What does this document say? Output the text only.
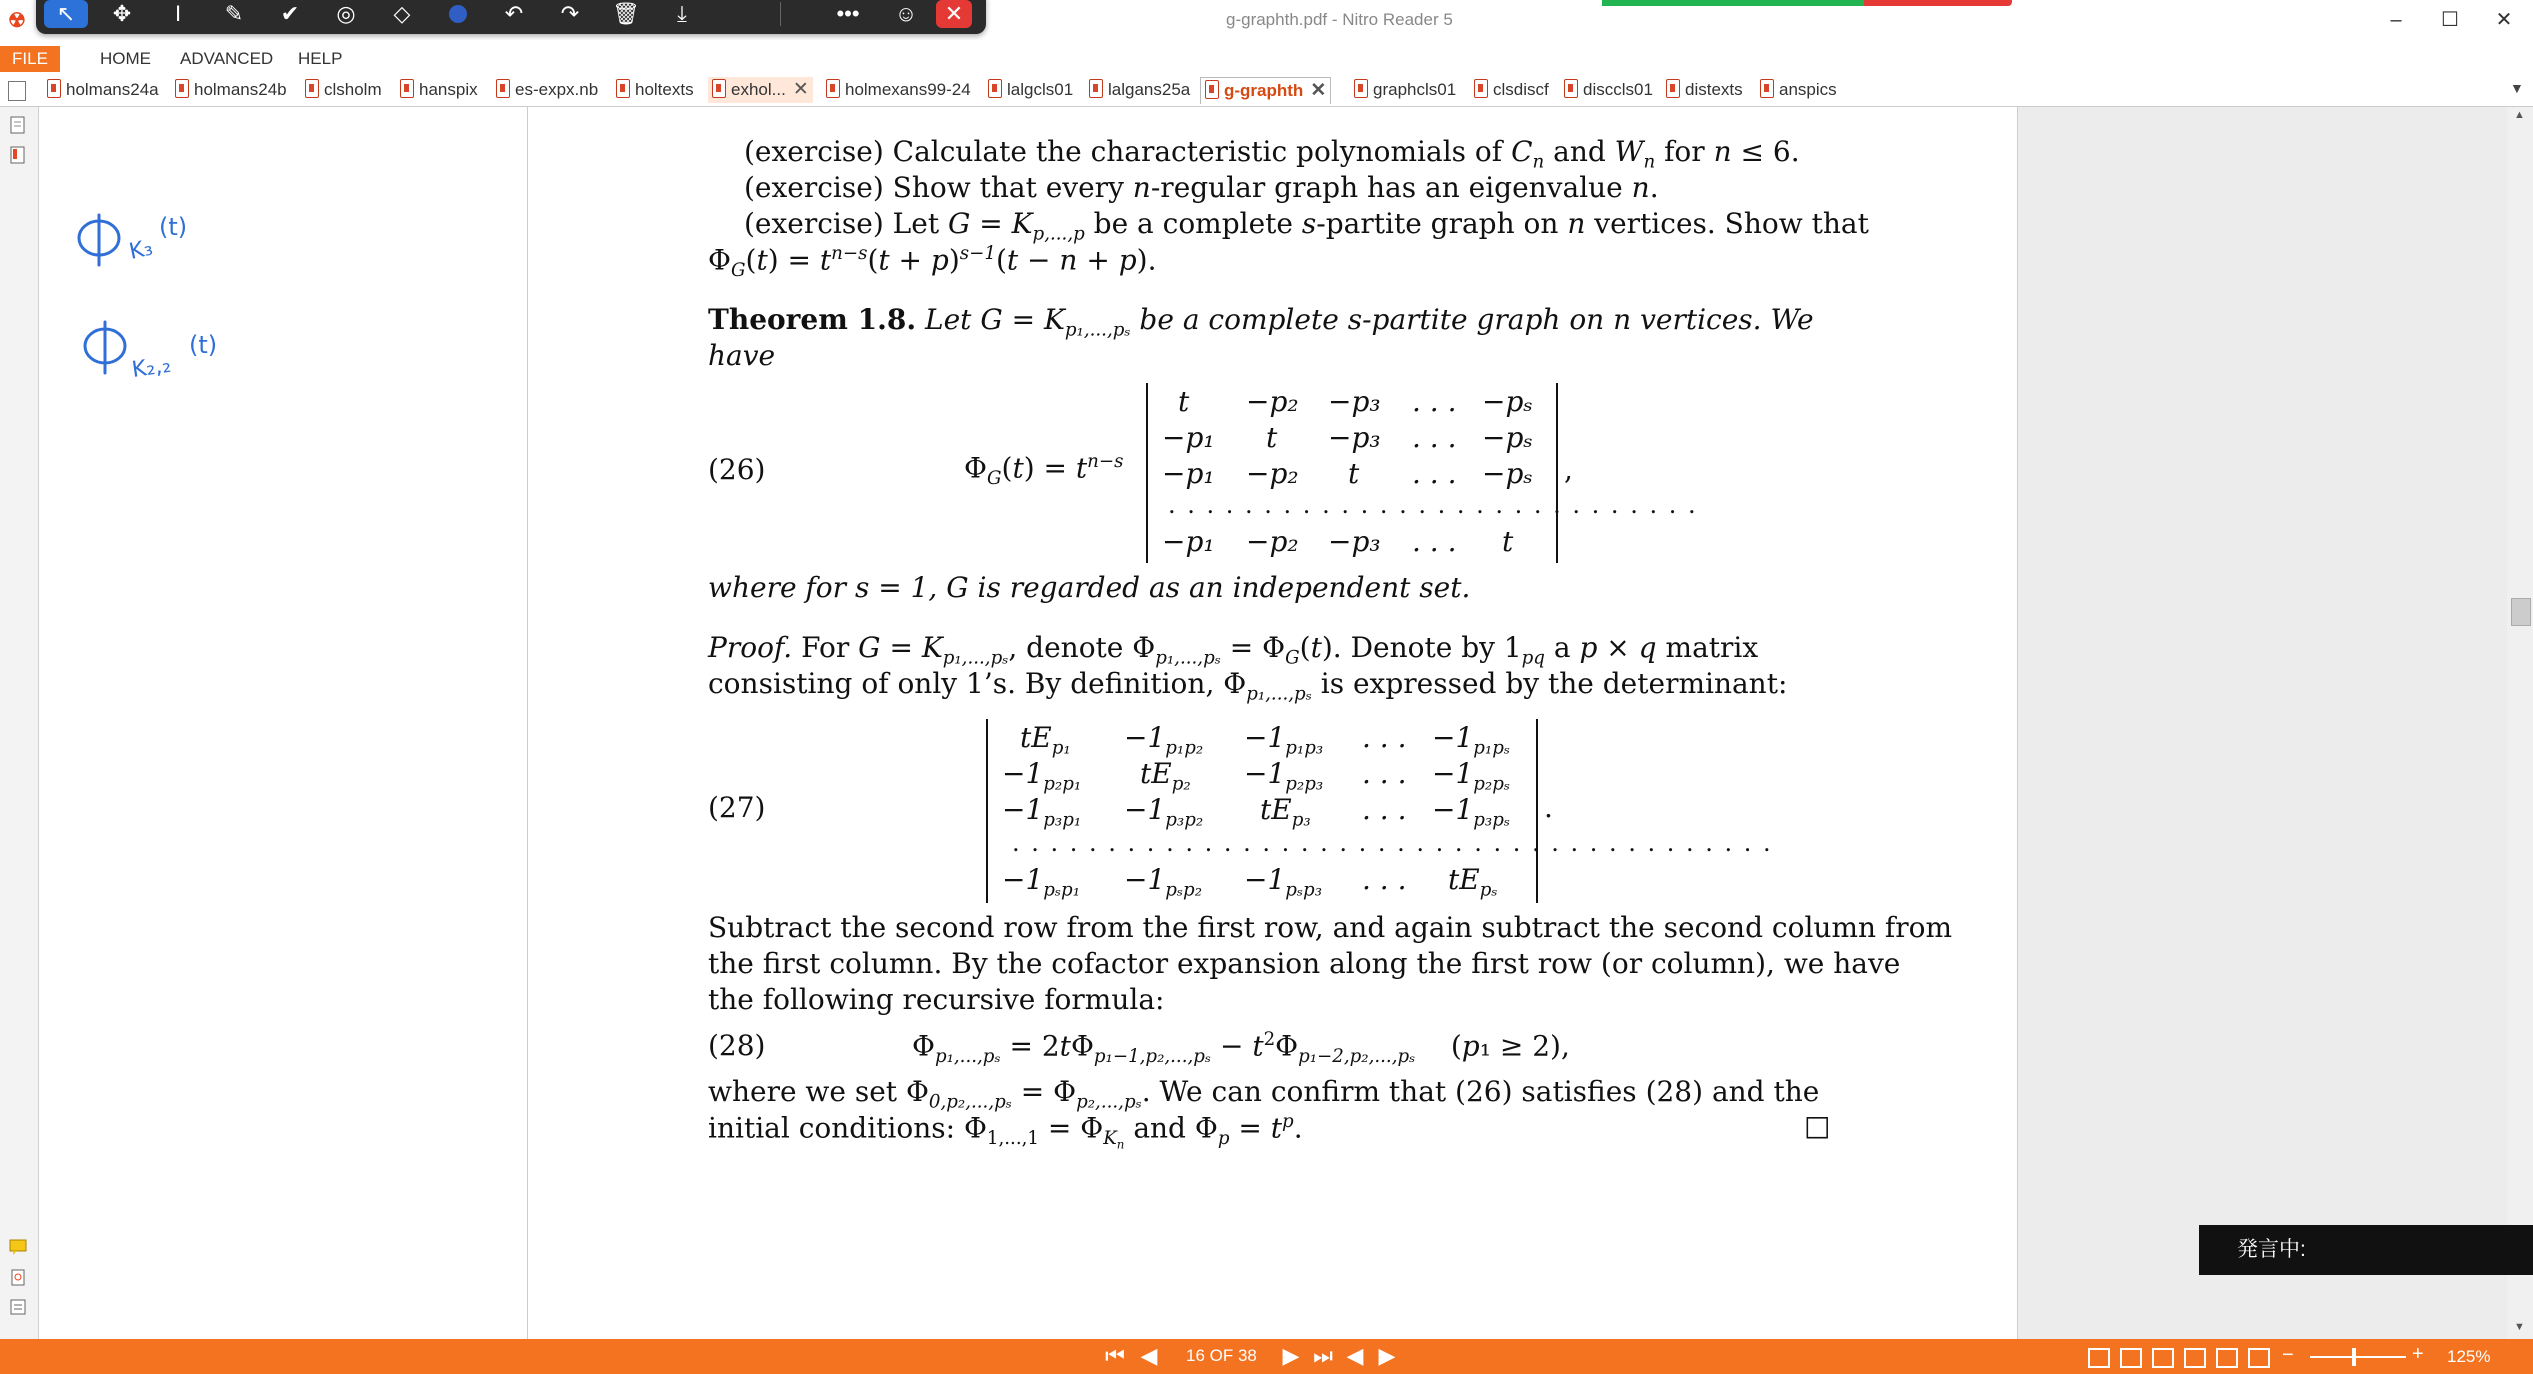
☢	↖	✥	I	✎	✔	◎	◇	↶	↷	🗑	⤓	•••	☺	✕	g-graphth.pdf - Nitro Reader 5	–	☐	✕
FILE	HOME	ADVANCED	HELP
holmans24a	holmans24b	clsholm	hanspix	es-expx.nb	holtexts	exhol... ✕	holmexans99-24	lalgcls01	lalgans25a	g-graphth ✕	graphcls01	clsdiscf	disccls01	distexts	anspics	▼
K₃
(t)
K₂,₂
(t)
(exercise) Calculate the characteristic polynomials of $C_n$ and $W_n$ for n ≤ 6.
(exercise) Show that every n-regular graph has an eigenvalue n.
(exercise) Let $G = K_{p,...,p}$ be a complete s-partite graph on n vertices. Show that
$\Phi_G(t) = t^{n-s}(t + p)^{s-1}(t - n + p)$.
Theorem 1.8. Let $G = K_{p_1,...,p_s}$ be a complete s-partite graph on n vertices. We
have
(26)	$\Phi_G(t) = t^{n-s}$
t −p₂ −p₃ . . . −pₛ
−p₁ t −p₃ . . . −pₛ
−p₁ −p₂ t . . . −pₛ
. . . . . . . . . . . . . . . . . . . . . . . . . . . .
−p₁ −p₂ −p₃ . . . t
,
where for s = 1, G is regarded as an independent set.
Proof. For $G = K_{p_1,...,p_s}$, denote $\Phi_{p_1,...,p_s} = \Phi_G(t)$. Denote by $1_{pq}$ a p × q matrix
consisting of only 1’s. By definition, $\Phi_{p_1,...,p_s}$ is expressed by the determinant:
(27)
$tE_{p_1} -1_{p_1p_2} -1_{p_1p_3}$ . . . $-1_{p_1p_s}$
$-1_{p_2p_1}$ $tE_{p_2} -1_{p_2p_3}$ . . . $-1_{p_2p_s}$
$-1_{p_3p_1} -1_{p_3p_2}$ $tE_{p_3}$ . . . $-1_{p_3p_s}$
. . . . . . . . . . . . . . . . . . . . . . . . . . . . . . . . . . . . . . . .
$-1_{p_sp_1} -1_{p_sp_2} -1_{p_sp_3}$ . . . $tE_{p_s}$
.
Subtract the second row from the first row, and again subtract the second column from
the first column. By the cofactor expansion along the first row (or column), we have
the following recursive formula:
(28)	$\Phi_{p_1,...,p_s} = 2t\Phi_{p_1-1,p_2,...,p_s} - t^2\Phi_{p_1-2,p_2,...,p_s}$    (p₁ ≥ 2),
where we set $\Phi_{0,p_2,...,p_s} = \Phi_{p_2,...,p_s}$. We can confirm that (26) satisfies (28) and the
initial conditions: $\Phi_{1,...,1} = \Phi_{K_n}$ and $\Phi_p = t^p$.	□
▲
▼
発言中:
⏮ ◀	16 OF 38 ▶ ⏭ ◀ ▶	−	+ 125%
